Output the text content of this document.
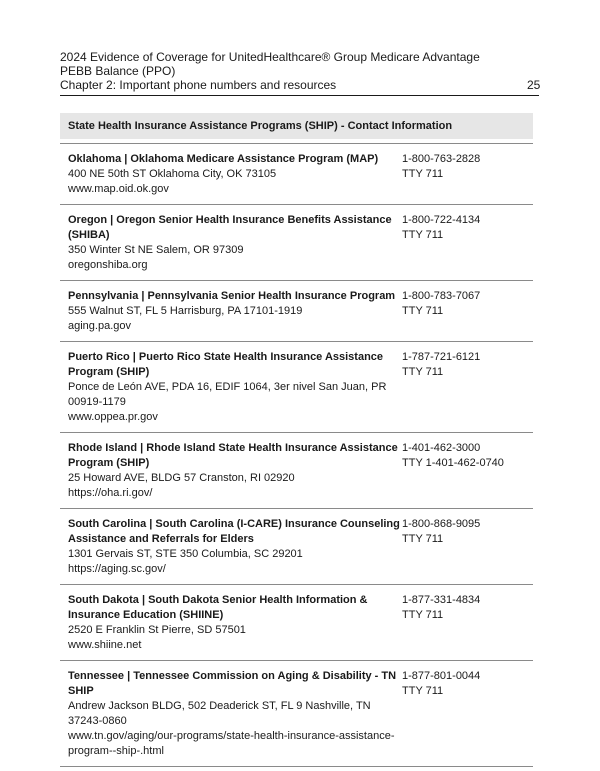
2024 Evidence of Coverage for UnitedHealthcare® Group Medicare Advantage PEBB Balance (PPO)
Chapter 2: Important phone numbers and resources	25
State Health Insurance Assistance Programs (SHIP) - Contact Information
Oklahoma | Oklahoma Medicare Assistance Program (MAP)
400 NE 50th ST Oklahoma City, OK 73105
www.map.oid.ok.gov
1-800-763-2828
TTY 711
Oregon | Oregon Senior Health Insurance Benefits Assistance (SHIBA)
350 Winter St NE Salem, OR 97309
oregonshiba.org
1-800-722-4134
TTY 711
Pennsylvania | Pennsylvania Senior Health Insurance Program
555 Walnut ST, FL 5 Harrisburg, PA 17101-1919
aging.pa.gov
1-800-783-7067
TTY 711
Puerto Rico | Puerto Rico State Health Insurance Assistance Program (SHIP)
Ponce de León AVE, PDA 16, EDIF 1064, 3er nivel San Juan, PR 00919-1179
www.oppea.pr.gov
1-787-721-6121
TTY 711
Rhode Island | Rhode Island State Health Insurance Assistance Program (SHIP)
25 Howard AVE, BLDG 57 Cranston, RI 02920
https://oha.ri.gov/
1-401-462-3000
TTY 1-401-462-0740
South Carolina | South Carolina (I-CARE) Insurance Counseling Assistance and Referrals for Elders
1301 Gervais ST, STE 350 Columbia, SC 29201
https://aging.sc.gov/
1-800-868-9095
TTY 711
South Dakota | South Dakota Senior Health Information & Insurance Education (SHIINE)
2520 E Franklin St Pierre, SD 57501
www.shiine.net
1-877-331-4834
TTY 711
Tennessee | Tennessee Commission on Aging & Disability - TN SHIP
Andrew Jackson BLDG, 502 Deaderick ST, FL 9 Nashville, TN 37243-0860
www.tn.gov/aging/our-programs/state-health-insurance-assistance-program--ship-.html
1-877-801-0044
TTY 711
